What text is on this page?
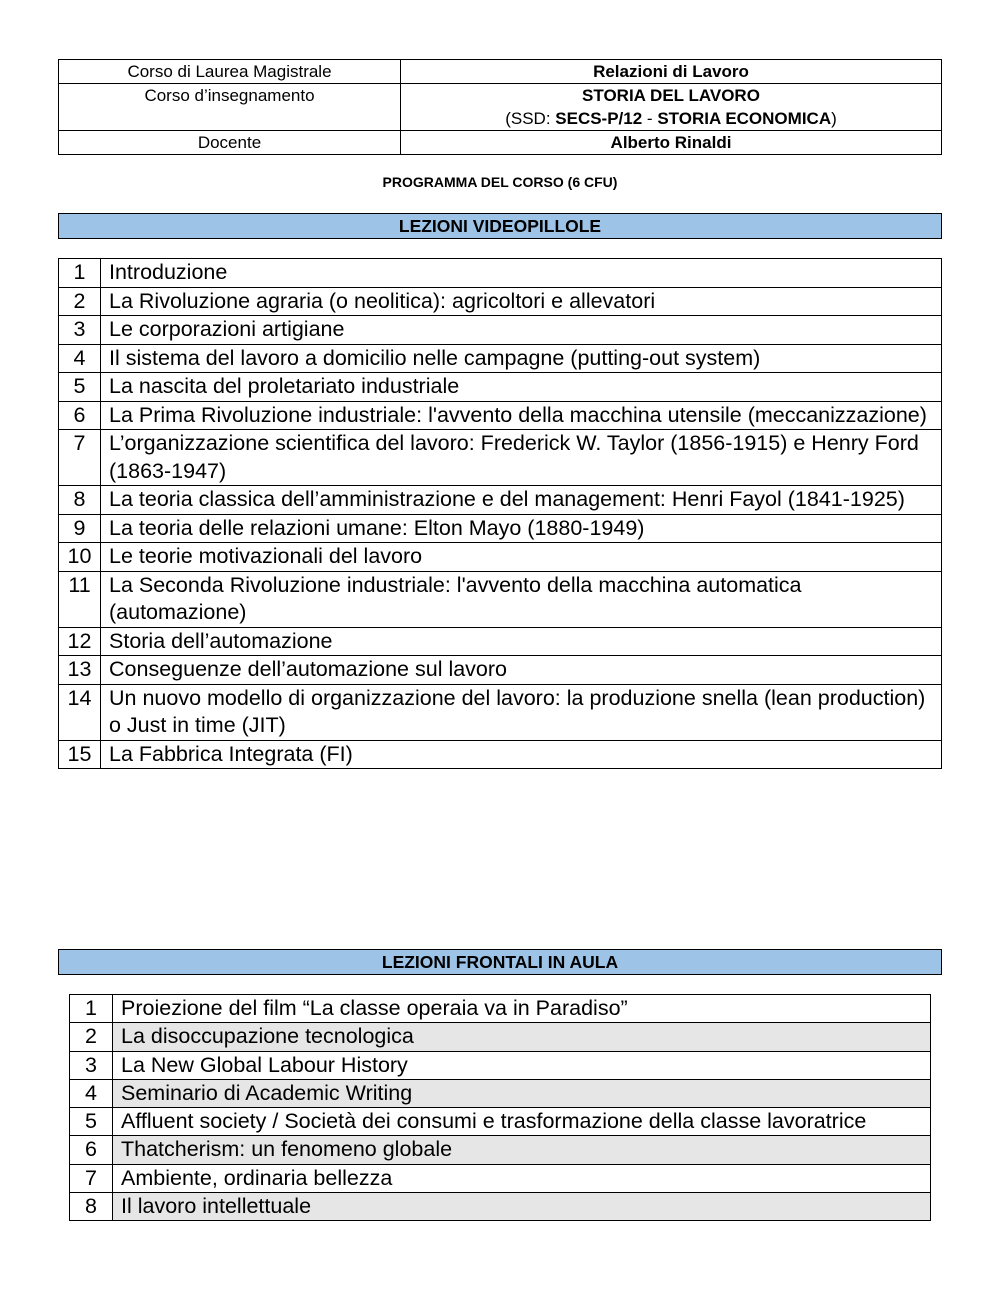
Corso di Laurea Magistrale	Relazioni di Lavoro
Corso d’insegnamento	STORIA DEL LAVORO
(SSD: SECS-P/12 - STORIA ECONOMICA)

Docente	Alberto Rinaldi
PROGRAMMA DEL CORSO (6 CFU)
LEZIONI VIDEOPILLOLE
1	Introduzione
2	La Rivoluzione agraria (o neolitica): agricoltori e allevatori
3	Le corporazioni artigiane
4	Il sistema del lavoro a domicilio nelle campagne (putting-out system)
5	La nascita del proletariato industriale
6	La Prima Rivoluzione industriale: l'avvento della macchina utensile (meccanizzazione)
7	L’organizzazione scientifica del lavoro: Frederick W. Taylor (1856-1915) e Henry Ford (1863-1947)
8	La teoria classica dell’amministrazione e del management: Henri Fayol (1841-1925)
9	La teoria delle relazioni umane: Elton Mayo (1880-1949)
10	Le teorie motivazionali del lavoro
11	La Seconda Rivoluzione industriale: l'avvento della macchina automatica (automazione)
12	Storia dell’automazione
13	Conseguenze dell’automazione sul lavoro
14	Un nuovo modello di organizzazione del lavoro: la produzione snella (lean production) o Just in time (JIT)
15	La Fabbrica Integrata (FI)
LEZIONI FRONTALI IN AULA
1	Proiezione del film “La classe operaia va in Paradiso”
2	La disoccupazione tecnologica
3	La New Global Labour History
4	Seminario di Academic Writing
5	Affluent society / Società dei consumi e trasformazione della classe lavoratrice
6	Thatcherism: un fenomeno globale
7	Ambiente, ordinaria bellezza
8	Il lavoro intellettuale
